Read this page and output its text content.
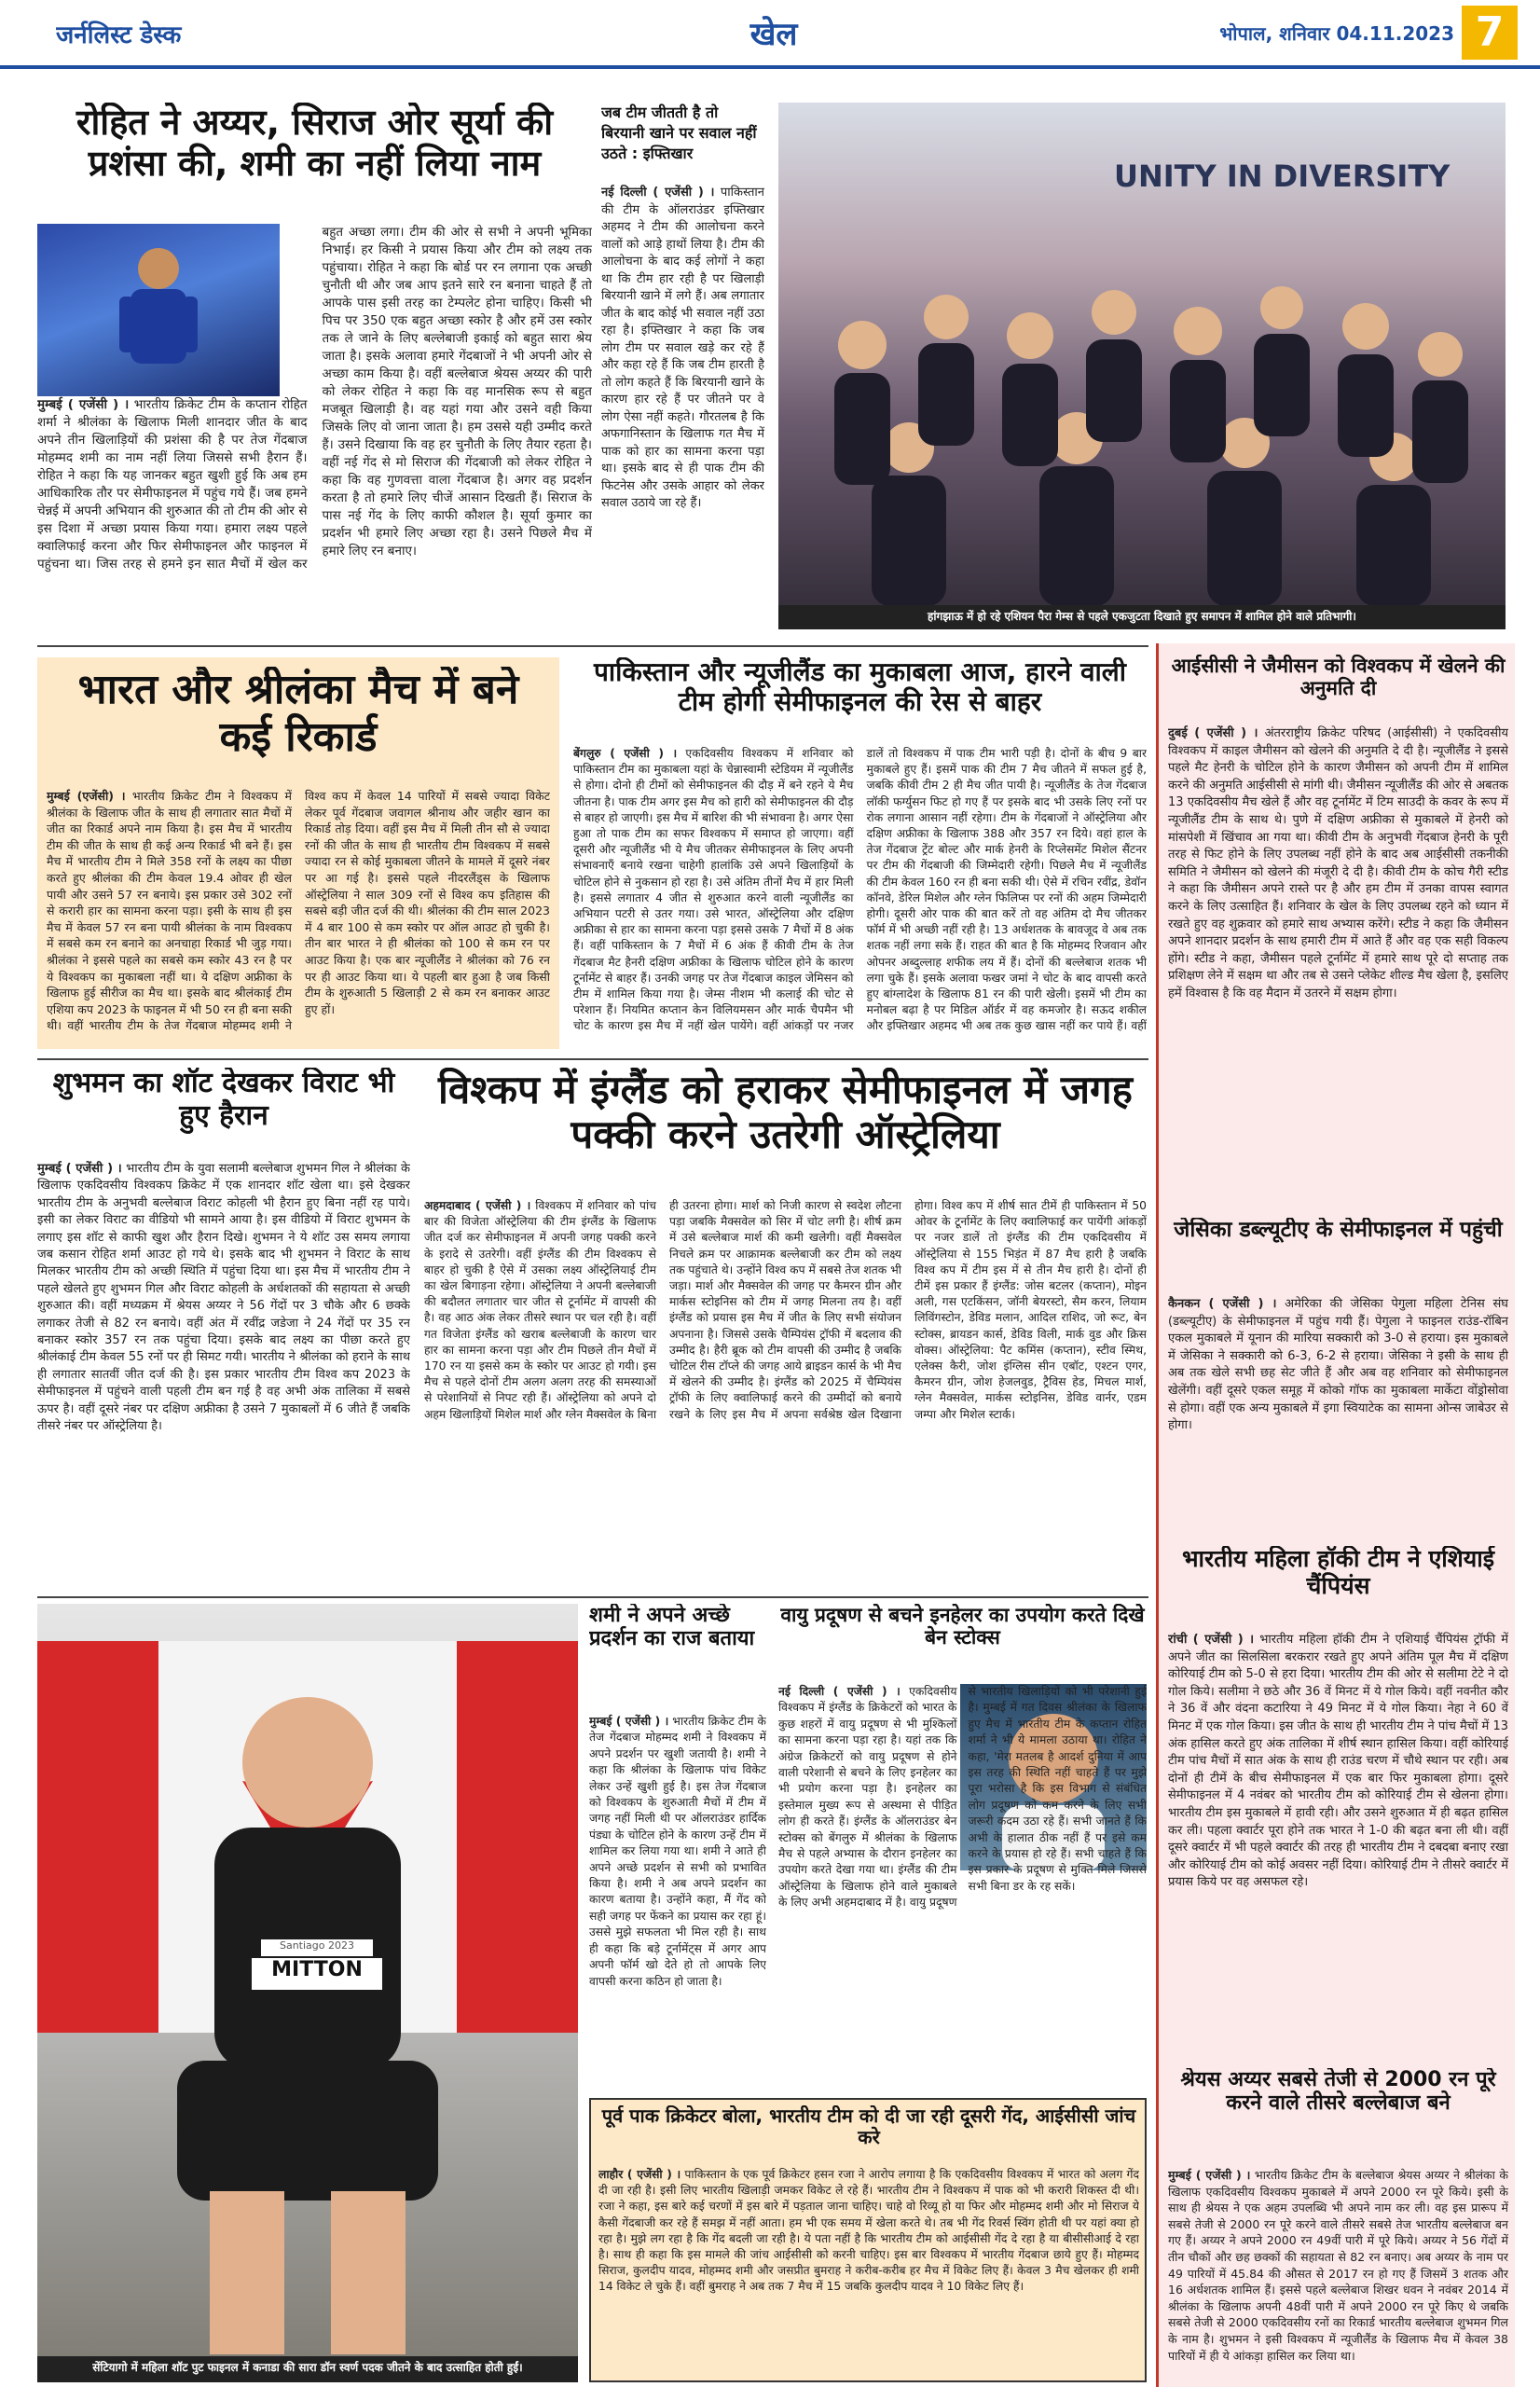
जर्नलिस्ट डेस्क	खेल	भोपाल, शनिवार 04.11.2023 7
रोहित ने अय्यर, सिराज ओर सूर्या की प्रशंसा की, शमी का नहीं लिया नाम
मुम्बई ( एजेंसी ) । भारतीय क्रिकेट टीम के कप्तान रोहित शर्मा ने श्रीलंका के खिलाफ मिली शानदार जीत के बाद अपने तीन खिलाड़ियों की प्रशंसा की है पर तेज गेंदबाज मोहम्मद शमी का नाम नहीं लिया जिससे सभी हैरान हैं। रोहित ने कहा कि यह जानकर बहुत खुशी हुई कि अब हम आधिकारिक तौर पर सेमीफाइनल में पहुंच गये हैं। जब हमने चेन्नई में अपनी अभियान की शुरुआत की तो टीम की ओर से इस दिशा में अच्छा प्रयास किया गया। हमारा लक्ष्य पहले क्वालिफाई करना और फिर सेमीफाइनल और फाइनल में पहुंचना था। जिस तरह से हमने इन सात मैचों में खेल कर बहुत अच्छा लगा। टीम की ओर से सभी ने अपनी भूमिका निभाई। हर किसी ने प्रयास किया और टीम को लक्ष्य तक पहुंचाया। रोहित ने कहा कि बोर्ड पर रन लगाना एक अच्छी चुनौती थी और जब आप इतने सारे रन बनाना चाहते हैं तो आपके पास इसी तरह का टेम्पलेट होना चाहिए। किसी भी पिच पर 350 एक बहुत अच्छा स्कोर है और हमें उस स्कोर तक ले जाने के लिए बल्लेबाजी इकाई को बहुत सारा श्रेय जाता है। इसके अलावा हमारे गेंदबाजों ने भी अपनी ओर से अच्छा काम किया है। वहीं बल्लेबाज श्रेयस अय्यर की पारी को लेकर रोहित ने कहा कि वह मानसिक रूप से बहुत मजबूत खिलाड़ी है। वह यहां गया और उसने वही किया जिसके लिए वो जाना जाता है। हम उससे यही उम्मीद करते हैं। उसने दिखाया कि वह हर चुनौती के लिए तैयार रहता है। वहीं नई गेंद से मो सिराज की गेंदबाजी को लेकर रोहित ने कहा कि वह गुणवत्ता वाला गेंदबाज है। अगर वह प्रदर्शन करता है तो हमारे लिए चीजें आसान दिखती हैं। सिराज के पास नई गेंद के लिए काफी कौशल है। सूर्या कुमार का प्रदर्शन भी हमारे लिए अच्छा रहा है। उसने पिछले मैच में हमारे लिए रन बनाए।
जब टीम जीतती है तो बिरयानी खाने पर सवाल नहीं उठते : इफ्तिखार
नई दिल्ली ( एजेंसी ) । पाकिस्तान की टीम के ऑलराउंडर इफ्तिखार अहमद ने टीम की आलोचना करने वालों को आड़े हाथों लिया है। टीम की आलोचना के बाद कई लोगों ने कहा था कि टीम हार रही है पर खिलाड़ी बिरयानी खाने में लगे हैं। अब लगातार जीत के बाद कोई भी सवाल नहीं उठा रहा है। इफ्तिखार ने कहा कि जब लोग टीम पर सवाल खड़े कर रहे हैं और कहा रहे हैं कि जब टीम हारती है तो लोग कहते हैं कि बिरयानी खाने के कारण हार रहे हैं पर जीतने पर वे लोग ऐसा नहीं कहते। गौरतलब है कि अफगानिस्तान के खिलाफ गत मैच में पाक को हार का सामना करना पड़ा था। इसके बाद से ही पाक टीम की फिटनेस और उसके आहार को लेकर सवाल उठाये जा रहे हैं।
UNITY IN DIVERSITY
हांगझाऊ में हो रहे एशियन पैरा गेम्स से पहले एकजुटता दिखाते हुए समापन में शामिल होने वाले प्रतिभागी।
भारत और श्रीलंका मैच में बने कई रिकार्ड
मुम्बई (एजेंसी) । भारतीय क्रिकेट टीम ने विश्वकप में श्रीलंका के खिलाफ जीत के साथ ही लगातार सात मैचों में जीत का रिकार्ड अपने नाम किया है। इस मैच में भारतीय टीम की जीत के साथ ही कई अन्य रिकार्ड भी बने हैं। इस मैच में भारतीय टीम ने मिले 358 रनों के लक्ष्य का पीछा करते हुए श्रीलंका की टीम केवल 19.4 ओवर ही खेल पायी और उसने 57 रन बनाये। इस प्रकार उसे 302 रनों से करारी हार का सामना करना पड़ा। इसी के साथ ही इस मैच में केवल 57 रन बना पायी श्रीलंका के नाम विश्वकप में सबसे कम रन बनाने का अनचाहा रिकार्ड भी जुड़ गया। श्रीलंका ने इससे पहले का सबसे कम स्कोर 43 रन है पर ये विश्वकप का मुकाबला नहीं था। ये दक्षिण अफ्रीका के खिलाफ हुई सीरीज का मैच था। इसके बाद श्रीलंकाई टीम एशिया कप 2023 के फाइनल में भी 50 रन ही बना सकी थी। वहीं भारतीय टीम के तेज गेंदबाज मोहम्मद शमी ने विश्व कप में केवल 14 पारियों में सबसे ज्यादा विकेट लेकर पूर्व गेंदबाज जवागल श्रीनाथ और जहीर खान का रिकार्ड तोड़ दिया। वहीं इस मैच में मिली तीन सौ से ज्यादा रनों की जीत के साथ ही भारतीय टीम विश्वकप में सबसे ज्यादा रन से कोई मुकाबला जीतने के मामले में दूसरे नंबर पर आ गई है। इससे पहले नीदरलैंड्स के खिलाफ ऑस्ट्रेलिया ने साल 309 रनों से विश्व कप इतिहास की सबसे बड़ी जीत दर्ज की थी। श्रीलंका की टीम साल 2023 में 4 बार 100 से कम स्कोर पर ऑल आउट हो चुकी है। तीन बार भारत ने ही श्रीलंका को 100 से कम रन पर आउट किया है। एक बार न्यूजीलैंड ने श्रीलंका को 76 रन पर ही आउट किया था। ये पहली बार हुआ है जब किसी टीम के शुरुआती 5 खिलाड़ी 2 से कम रन बनाकर आउट हुए हों।
पाकिस्तान और न्यूजीलैंड का मुकाबला आज, हारने वाली टीम होगी सेमीफाइनल की रेस से बाहर
बेंगलुरु ( एजेंसी ) । एकदिवसीय विश्वकप में शनिवार को पाकिस्तान टीम का मुकाबला यहां के चेन्नास्वामी स्टेडियम में न्यूजीलैंड से होगा। दोनो ही टीमों को सेमीफाइनल की दौड़ में बने रहने ये मैच जीतना है। पाक टीम अगर इस मैच को हारी को सेमीफाइनल की दौड़ से बाहर हो जाएगी। इस मैच में बारिश की भी संभावना है। अगर ऐसा हुआ तो पाक टीम का सफर विश्वकप में समाप्त हो जाएगा। वहीं दूसरी और न्यूजीलैंड भी ये मैच जीतकर सेमीफाइनल के लिए अपनी संभावनाएँ बनाये रखना चाहेगी हालांकि उसे अपने खिलाड़ियों के चोटिल होने से नुकसान हो रहा है। उसे अंतिम तीनों मैच में हार मिली है। इससे लगातार 4 जीत से शुरुआत करने वाली न्यूजीलैंड का अभियान पटरी से उतर गया। उसे भारत, ऑस्ट्रेलिया और दक्षिण अफ्रीका से हार का सामना करना पड़ा इससे उसके 7 मैचों में 8 अंक हैं। वहीं पाकिस्तान के 7 मैचों में 6 अंक हैं कीवी टीम के तेज गेंदबाज मैट हैनरी दक्षिण अफ्रीका के खिलाफ चोटिल होने के कारण टूर्नामेंट से बाहर हैं। उनकी जगह पर तेज गेंदबाज काइल जेमिसन को टीम में शामिल किया गया है। जेम्स नीशम भी कलाई की चोट से परेशान हैं। नियमित कप्तान केन विलियमसन और मार्क चैपमैन भी चोट के कारण इस मैच में नहीं खेल पायेंगे। वहीं आंकड़ों पर नजर डालें तो विश्वकप में पाक टीम भारी पड़ी है। दोनों के बीच 9 बार मुकाबले हुए हैं। इसमें पाक की टीम 7 मैच जीतने में सफल हुई है, जबकि कीवी टीम 2 ही मैच जीत पायी है। न्यूजीलैंड के तेज गेंदबाज लॉकी फर्ग्युसन फिट हो गए हैं पर इसके बाद भी उसके लिए रनों पर रोक लगाना आसान नहीं रहेगा। टीम के गेंदबाजों ने ऑस्ट्रेलिया और दक्षिण अफ्रीका के खिलाफ 388 और 357 रन दिये। वहां हाल के तेज गेंदबाज ट्रेंट बोल्ट और मार्क हेनरी के रिप्लेसमेंट मिशेल सैंटनर पर टीम की गेंदबाजी की जिम्मेदारी रहेगी। पिछले मैच में न्यूजीलैंड की टीम केवल 160 रन ही बना सकी थी। ऐसे में रचिन रवींद्र, डेवॉन कॉनवे, डेरिल मिशेल और ग्लेन फिलिप्स पर रनों की अहम जिम्मेदारी होगी। दूसरी ओर पाक की बात करें तो वह अंतिम दो मैच जीतकर फॉर्म में भी अच्छी नहीं रही है। 13 अर्धशतक के बावजूद वे अब तक शतक नहीं लगा सके हैं। राहत की बात है कि मोहम्मद रिजवान और ओपनर अब्दुल्लाह शफीक लय में हैं। दोनों की बल्लेबाज शतक भी लगा चुके हैं। इसके अलावा फखर जमां ने चोट के बाद वापसी करते हुए बांग्लादेश के खिलाफ 81 रन की पारी खेली। इसमें भी टीम का मनोबल बढ़ा है पर मिडिल ऑर्डर में वह कमजोर है। सऊद शकील और इफ्तिखार अहमद भी अब तक कुछ खास नहीं कर पाये हैं। वहीं
आईसीसी ने जैमीसन को विश्वकप में खेलने की अनुमति दी
दुबई ( एजेंसी ) । अंतरराष्ट्रीय क्रिकेट परिषद (आईसीसी) ने एकदिवसीय विश्वकप में काइल जैमीसन को खेलने की अनुमति दे दी है। न्यूजीलैंड ने इससे पहले मैट हेनरी के चोटिल होने के कारण जैमीसन को अपनी टीम में शामिल करने की अनुमति आईसीसी से मांगी थी। जैमीसन न्यूजीलैंड की ओर से अबतक 13 एकदिवसीय मैच खेले हैं और वह टूर्नामेंट में टिम साउदी के कवर के रूप में न्यूजीलैंड टीम के साथ थे। पुणे में दक्षिण अफ्रीका से मुकाबले में हेनरी को मांसपेशी में खिंचाव आ गया था। कीवी टीम के अनुभवी गेंदबाज हेनरी के पूरी तरह से फिट होने के लिए उपलब्ध नहीं होने के बाद अब आईसीसी तकनीकी समिति ने जैमीसन को खेलने की मंजूरी दे दी है। कीवी टीम के कोच गैरी स्टीड ने कहा कि जैमीसन अपने रास्ते पर है और हम टीम में उनका वापस स्वागत करने के लिए उत्साहित हैं। शनिवार के खेल के लिए उपलब्ध रहने को ध्यान में रखते हुए वह शुक्रवार को हमारे साथ अभ्यास करेंगे। स्टीड ने कहा कि जैमीसन अपने शानदार प्रदर्शन के साथ हमारी टीम में आते हैं और वह एक सही विकल्प होंगे। स्टीड ने कहा, जैमीसन पहले टूर्नामेंट में हमारे साथ पूरे दो सप्ताह तक प्रशिक्षण लेने में सक्षम था और तब से उसने प्लेकेट शील्ड मैच खेला है, इसलिए हमें विश्वास है कि वह मैदान में उतरने में सक्षम होगा।
जेसिका डब्ल्यूटीए के सेमीफाइनल में पहुंची
कैनकन ( एजेंसी ) । अमेरिका की जेसिका पेगुला महिला टेनिस संघ (डब्ल्यूटीए) के सेमीफाइनल में पहुंच गयी हैं। पेगुला ने फाइनल राउंड-रॉबिन एकल मुकाबले में यूनान की मारिया सक्कारी को 3-0 से हराया। इस मुकाबले में जेसिका ने सक्कारी को 6-3, 6-2 से हराया। जेसिका ने इसी के साथ ही अब तक खेले सभी छह सेट जीते हैं और अब वह शनिवार को सेमीफाइनल खेलेंगी। वहीं दूसरे एकल समूह में कोको गॉफ का मुकाबला मार्केटा वोंड्रोसोवा से होगा। वहीं एक अन्य मुकाबले में इगा स्वियाटेक का सामना ओन्स जाबेउर से होगा।
भारतीय महिला हॉकी टीम ने एशियाई चैंपियंस
रांची ( एजेंसी ) । भारतीय महिला हॉकी टीम ने एशियाई चैंपियंस ट्रॉफी में अपने जीत का सिलसिला बरकरार रखते हुए अपने अंतिम पूल मैच में दक्षिण कोरियाई टीम को 5-0 से हरा दिया। भारतीय टीम की ओर से सलीमा टेटे ने दो गोल किये। सलीमा ने छठे और 36 वें मिनट में ये गोल किये। वहीं नवनीत कौर ने 36 वें और वंदना कटारिया ने 49 मिनट में ये गोल किया। नेहा ने 60 वें मिनट में एक गोल किया। इस जीत के साथ ही भारतीय टीम ने पांच मैचों में 13 अंक हासिल करते हुए अंक तालिका में शीर्ष स्थान हासिल किया। वहीं कोरियाई टीम पांच मैचों में सात अंक के साथ ही राउंड चरण में चौथे स्थान पर रही। अब दोनों ही टीमें के बीच सेमीफाइनल में एक बार फिर मुकाबला होगा। दूसरे सेमीफाइनल में 4 नवंबर को भारतीय टीम को कोरियाई टीम से खेलना होगा। भारतीय टीम इस मुकाबले में हावी रही। और उसने शुरुआत में ही बढ़त हासिल कर ली। पहला क्वार्टर पूरा होने तक भारत ने 1-0 की बढ़त बना ली थी। वहीं दूसरे क्वार्टर में भी पहले क्वार्टर की तरह ही भारतीय टीम ने दबदबा बनाए रखा और कोरियाई टीम को कोई अवसर नहीं दिया। कोरियाई टीम ने तीसरे क्वार्टर में प्रयास किये पर वह असफल रहे।
श्रेयस अय्यर सबसे तेजी से 2000 रन पूरे करने वाले तीसरे बल्लेबाज बने
मुम्बई ( एजेंसी ) । भारतीय क्रिकेट टीम के बल्लेबाज श्रेयस अय्यर ने श्रीलंका के खिलाफ एकदिवसीय विश्वकप मुकाबले में अपने 2000 रन पूरे किये। इसी के साथ ही श्रेयस ने एक अहम उपलब्धि भी अपने नाम कर ली। वह इस प्रारूप में सबसे तेजी से 2000 रन पूरे करने वाले तीसरे सबसे तेज भारतीय बल्लेबाज बन गए हैं। अय्यर ने अपने 2000 रन 49वीं पारी में पूरे किये। अय्यर ने 56 गेंदों में तीन चौकों और छह छक्कों की सहायता से 82 रन बनाए। अब अय्यर के नाम पर 49 पारियों में 45.84 की औसत से 2017 रन हो गए हैं जिसमें 3 शतक और 16 अर्धशतक शामिल हैं। इससे पहले बल्लेबाज शिखर धवन ने नवंबर 2014 में श्रीलंका के खिलाफ अपनी 48वीं पारी में अपने 2000 रन पूरे किए थे जबकि सबसे तेजी से 2000 एकदिवसीय रनों का रिकार्ड भारतीय बल्लेबाज शुभमन गिल के नाम है। शुभमन ने इसी विश्वकप में न्यूजीलैंड के खिलाफ मैच में केवल 38 पारियों में ही ये आंकड़ा हासिल कर लिया था।
शुभमन का शॉट देखकर विराट भी हुए हैरान
मुम्बई ( एजेंसी ) । भारतीय टीम के युवा सलामी बल्लेबाज शुभमन गिल ने श्रीलंका के खिलाफ एकदिवसीय विश्वकप क्रिकेट में एक शानदार शॉट खेला था। इसे देखकर भारतीय टीम के अनुभवी बल्लेबाज विराट कोहली भी हैरान हुए बिना नहीं रह पाये। इसी का लेकर विराट का वीडियो भी सामने आया है। इस वीडियो में विराट शुभमन के लगाए इस शॉट से काफी खुश और हैरान दिखे। शुभमन ने ये शॉट उस समय लगाया जब कसान रोहित शर्मा आउट हो गये थे। इसके बाद भी शुभमन ने विराट के साथ मिलकर भारतीय टीम को अच्छी स्थिति में पहुंचा दिया था। इस मैच में भारतीय टीम ने पहले खेलते हुए शुभमन गिल और विराट कोहली के अर्धशतकों की सहायता से अच्छी शुरुआत की। वहीं मध्यक्रम में श्रेयस अय्यर ने 56 गेंदों पर 3 चौके और 6 छक्के लगाकर तेजी से 82 रन बनाये। वहीं अंत में रवींद्र जडेजा ने 24 गेंदों पर 35 रन बनाकर स्कोर 357 रन तक पहुंचा दिया। इसके बाद लक्ष्य का पीछा करते हुए श्रीलंकाई टीम केवल 55 रनों पर ही सिमट गयी। भारतीय ने श्रीलंका को हराने के साथ ही लगातार सातवीं जीत दर्ज की है। इस प्रकार भारतीय टीम विश्व कप 2023 के सेमीफाइनल में पहुंचने वाली पहली टीम बन गई है वह अभी अंक तालिका में सबसे ऊपर है। वहीं दूसरे नंबर पर दक्षिण अफ्रीका है उसने 7 मुकाबलों में 6 जीते हैं जबकि तीसरे नंबर पर ऑस्ट्रेलिया है।
विश्कप में इंग्लैंड को हराकर सेमीफाइनल में जगह पक्की करने उतरेगी ऑस्ट्रेलिया
अहमदाबाद ( एजेंसी ) । विश्वकप में शनिवार को पांच बार की विजेता ऑस्ट्रेलिया की टीम इंग्लैंड के खिलाफ जीत दर्ज कर सेमीफाइनल में अपनी जगह पक्की करने के इरादे से उतरेगी। वहीं इंग्लैंड की टीम विश्वकप से बाहर हो चुकी है ऐसे में उसका लक्ष्य ऑस्ट्रेलियाई टीम का खेल बिगाड़ना रहेगा। ऑस्ट्रेलिया ने अपनी बल्लेबाजी की बदौलत लगातार चार जीत से टूर्नामेंट में वापसी की है। वह आठ अंक लेकर तीसरे स्थान पर चल रही है। वहीं गत विजेता इंग्लैंड को खराब बल्लेबाजी के कारण चार हार का सामना करना पड़ा और टीम पिछले तीन मैचों में 170 रन या इससे कम के स्कोर पर आउट हो गयी। इस मैच से पहले दोनों टीम अलग अलग तरह की समस्याओं से परेशानियों से निपट रही हैं। ऑस्ट्रेलिया को अपने दो अहम खिलाड़ियों मिशेल मार्श और ग्लेन मैक्सवेल के बिना ही उतरना होगा। मार्श को निजी कारण से स्वदेश लौटना पड़ा जबकि मैक्सवेल को सिर में चोट लगी है। शीर्ष क्रम में उसे बल्लेबाज मार्श की कमी खलेगी। वहीं मैक्सवेल निचले क्रम पर आक्रामक बल्लेबाजी कर टीम को लक्ष्य तक पहुंचाते थे। उन्होंने विश्व कप में सबसे तेज शतक भी जड़ा। मार्श और मैक्सवेल की जगह पर कैमरन ग्रीन और मार्कस स्टोइनिस को टीम में जगह मिलना तय है। वहीं इंग्लैंड को प्रयास इस मैच में जीत के लिए सभी संयोजन अपनाना है। जिससे उसके चैम्पियंस ट्रॉफी में बदलाव की उम्मीद है। हैरी ब्रूक को टीम वापसी की उम्मीद है जबकि चोटिल रीस टॉप्ले की जगह आये ब्राइडन कार्स के भी मैच में खेलने की उम्मीद है। इंग्लैंड को 2025 में चैम्पियंस ट्रॉफी के लिए क्वालिफाई करने की उम्मीदों को बनाये रखने के लिए इस मैच में अपना सर्वश्रेष्ठ खेल दिखाना होगा। विश्व कप में शीर्ष सात टीमें ही पाकिस्तान में 50 ओवर के टूर्नामेंट के लिए क्वालिफाई कर पायेंगी आंकड़ों पर नजर डालें तो इंग्लैंड की टीम एकदिवसीय में ऑस्ट्रेलिया से 155 भिड़ंत में 87 मैच हारी है जबकि विश्व कप में टीम इस में से तीन मैच हारी है। दोनों ही टीमें इस प्रकार हैं इंग्लैंड: जोस बटलर (कप्तान), मोइन अली, गस एटकिंसन, जॉनी बेयरस्टो, सैम करन, लियाम लिविंगस्टोन, डेविड मलान, आदिल राशिद, जो रूट, बेन स्टोक्स, ब्रायडन कार्स, डेविड विली, मार्क वुड और क्रिस वोक्स। ऑस्ट्रेलिया: पैट कमिंस (कप्तान), स्टीव स्मिथ, एलेक्स कैरी, जोश इंग्लिस सीन एबॉट, एश्टन एगर, कैमरन ग्रीन, जोश हेजलवुड, ट्रैविस हेड, मिचल मार्श, ग्लेन मैक्सवेल, मार्कस स्टोइनिस, डेविड वार्नर, एडम जम्पा और मिशेल स्टार्क।
Santiago 2023
MITTON
सेंटियागो में महिला शॉट पुट फाइनल में कनाडा की सारा डॉन स्वर्ण पदक जीतने के बाद उत्साहित होती हुईं।
शमी ने अपने अच्छे प्रदर्शन का राज बताया
मुम्बई ( एजेंसी ) । भारतीय क्रिकेट टीम के तेज गेंदबाज मोहम्मद शमी ने विश्वकप में अपने प्रदर्शन पर खुशी जतायी है। शमी ने कहा कि श्रीलंका के खिलाफ पांच विकेट लेकर उन्हें खुशी हुई है। इस तेज गेंदबाज को विश्वकप के शुरुआती मैचों में टीम में जगह नहीं मिली थी पर ऑलराउंडर हार्दिक पंड्या के चोटिल होने के कारण उन्हें टीम में शामिल कर लिया गया था। शमी ने आते ही अपने अच्छे प्रदर्शन से सभी को प्रभावित किया है। शमी ने अब अपने प्रदर्शन का कारण बताया है। उन्होंने कहा, मैं गेंद को सही जगह पर फेंकने का प्रयास कर रहा हूं। उससे मुझे सफलता भी मिल रही है। साथ ही कहा कि बड़े टूर्नामेंट्स में अगर आप अपनी फॉर्म खो देते हो तो आपके लिए वापसी करना कठिन हो जाता है।
वायु प्रदूषण से बचने इनहेलर का उपयोग करते दिखे बेन स्टोक्स
नई दिल्ली ( एजेंसी ) । एकदिवसीय विश्वकप में इंग्लैंड के क्रिकेटरों को भारत के कुछ शहरों में वायु प्रदूषण से भी मुश्किलों का सामना करना पड़ा रहा है। यहां तक कि अंग्रेज क्रिकेटरों को वायु प्रदूषण से होने वाली परेशानी से बचने के लिए इनहेलर का भी प्रयोग करना पड़ा है। इनहेलर का इस्तेमाल मुख्य रूप से अस्थमा से पीड़ित लोग ही करते हैं। इंग्लैंड के ऑलराउंडर बेन स्टोक्स को बेंगलुरु में श्रीलंका के खिलाफ मैच से पहले अभ्यास के दौरान इनहेलर का उपयोग करते देखा गया था। इंग्लैंड की टीम ऑस्ट्रेलिया के खिलाफ होने वाले मुकाबले के लिए अभी अहमदाबाद में है। वायु प्रदूषण से भारतीय खिलाड़ियों को भी परेशानी हुई है। मुम्बई में गत दिवस श्रीलंका के खिलाफ हुए मैच में भारतीय टीम के कप्तान रोहित शर्मा ने भी ये मामला उठाया था। रोहित ने कहा, 'मेरा मतलब है आदर्श दुनिया में आप इस तरह की स्थिति नहीं चाहते हैं पर मुझे पूरा भरोसा है कि इस विभाग से संबंधित लोग प्रदूषण को कम करने के लिए सभी जरूरी कदम उठा रहे हैं। सभी जानते हैं कि अभी के हालात ठीक नहीं हैं पर इसे कम करने के प्रयास हो रहे हैं। सभी चाहते हैं कि इस प्रकार के प्रदूषण से मुक्ति मिले जिससे सभी बिना डर के रह सकें।
पूर्व पाक क्रिकेटर बोला, भारतीय टीम को दी जा रही दूसरी गेंद, आईसीसी जांच करे
लाहौर ( एजेंसी ) । पाकिस्तान के एक पूर्व क्रिकेटर हसन रजा ने आरोप लगाया है कि एकदिवसीय विश्वकप में भारत को अलग गेंद दी जा रही है। इसी लिए भारतीय खिलाड़ी जमकर विकेट ले रहे हैं। भारतीय टीम ने विश्वकप में पाक को भी करारी शिकस्त दी थी। रजा ने कहा, इस बारे कई चरणों में इस बारे में पड़ताल जाना चाहिए। चाहे वो रिव्यू हो या फिर और मोहम्मद शमी और मो सिराज ये कैसी गेंदबाजी कर रहे हैं समझ में नहीं आता। हम भी एक समय में खेला करते थे। तब भी गेंद रिवर्स स्विंग होती थी पर यहां क्या हो रहा है। मुझे लग रहा है कि गेंद बदली जा रही है। ये पता नहीं है कि भारतीय टीम को आईसीसी गेंद दे रहा है या बीसीसीआई दे रहा है। साथ ही कहा कि इस मामले की जांच आईसीसी को करनी चाहिए। इस बार विश्वकप में भारतीय गेंदबाज छाये हुए हैं। मोहम्मद सिराज, कुलदीप यादव, मोहम्मद शमी और जसप्रीत बुमराह ने करीब-करीब हर मैच में विकेट लिए हैं। केवल 3 मैच खेलकर ही शमी 14 विकेट ले चुके हैं। वहीं बुमराह ने अब तक 7 मैच में 15 जबकि कुलदीप यादव ने 10 विकेट लिए हैं।
